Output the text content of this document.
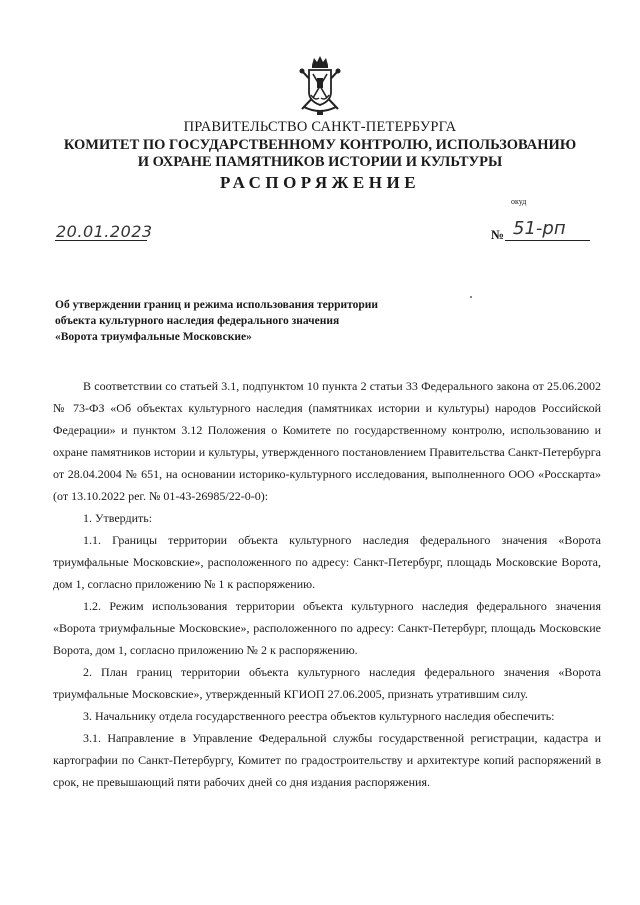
ПРАВИТЕЛЬСТВО САНКТ-ПЕТЕРБУРГА
КОМИТЕТ ПО ГОСУДАРСТВЕННОМУ КОНТРОЛЮ, ИСПОЛЬЗОВАНИЮ
И ОХРАНЕ ПАМЯТНИКОВ ИСТОРИИ И КУЛЬТУРЫ
РАСПОРЯЖЕНИЕ
окуд
20.01.2023	№ 51-рп
Об утверждении границ и режима использования территории
объекта культурного наследия федерального значения
«Ворота триумфальные Московские»

В соответствии со статьей 3.1, подпунктом 10 пункта 2 статьи 33 Федерального закона от 25.06.2002 № 73-ФЗ «Об объектах культурного наследия (памятниках истории и культуры) народов Российской Федерации» и пунктом 3.12 Положения о Комитете по государственному контролю, использованию и охране памятников истории и культуры, утвержденного постановлением Правительства Санкт-Петербурга от 28.04.2004 № 651, на основании историко-культурного исследования, выполненного ООО «Росскарта» (от 13.10.2022 рег. № 01-43-26985/22-0-0):

1. Утвердить:

1.1. Границы территории объекта культурного наследия федерального значения «Ворота триумфальные Московские», расположенного по адресу: Санкт-Петербург, площадь Московские Ворота, дом 1, согласно приложению № 1 к распоряжению.

1.2. Режим использования территории объекта культурного наследия федерального значения «Ворота триумфальные Московские», расположенного по адресу: Санкт-Петербург, площадь Московские Ворота, дом 1, согласно приложению № 2 к распоряжению.

2. План границ территории объекта культурного наследия федерального значения «Ворота триумфальные Московские», утвержденный КГИОП 27.06.2005, признать утратившим силу.

3. Начальнику отдела государственного реестра объектов культурного наследия обеспечить:

3.1. Направление в Управление Федеральной службы государственной регистрации, кадастра и картографии по Санкт-Петербургу, Комитет по градостроительству и архитектуре копий распоряжений в срок, не превышающий пяти рабочих дней со дня издания распоряжения.
